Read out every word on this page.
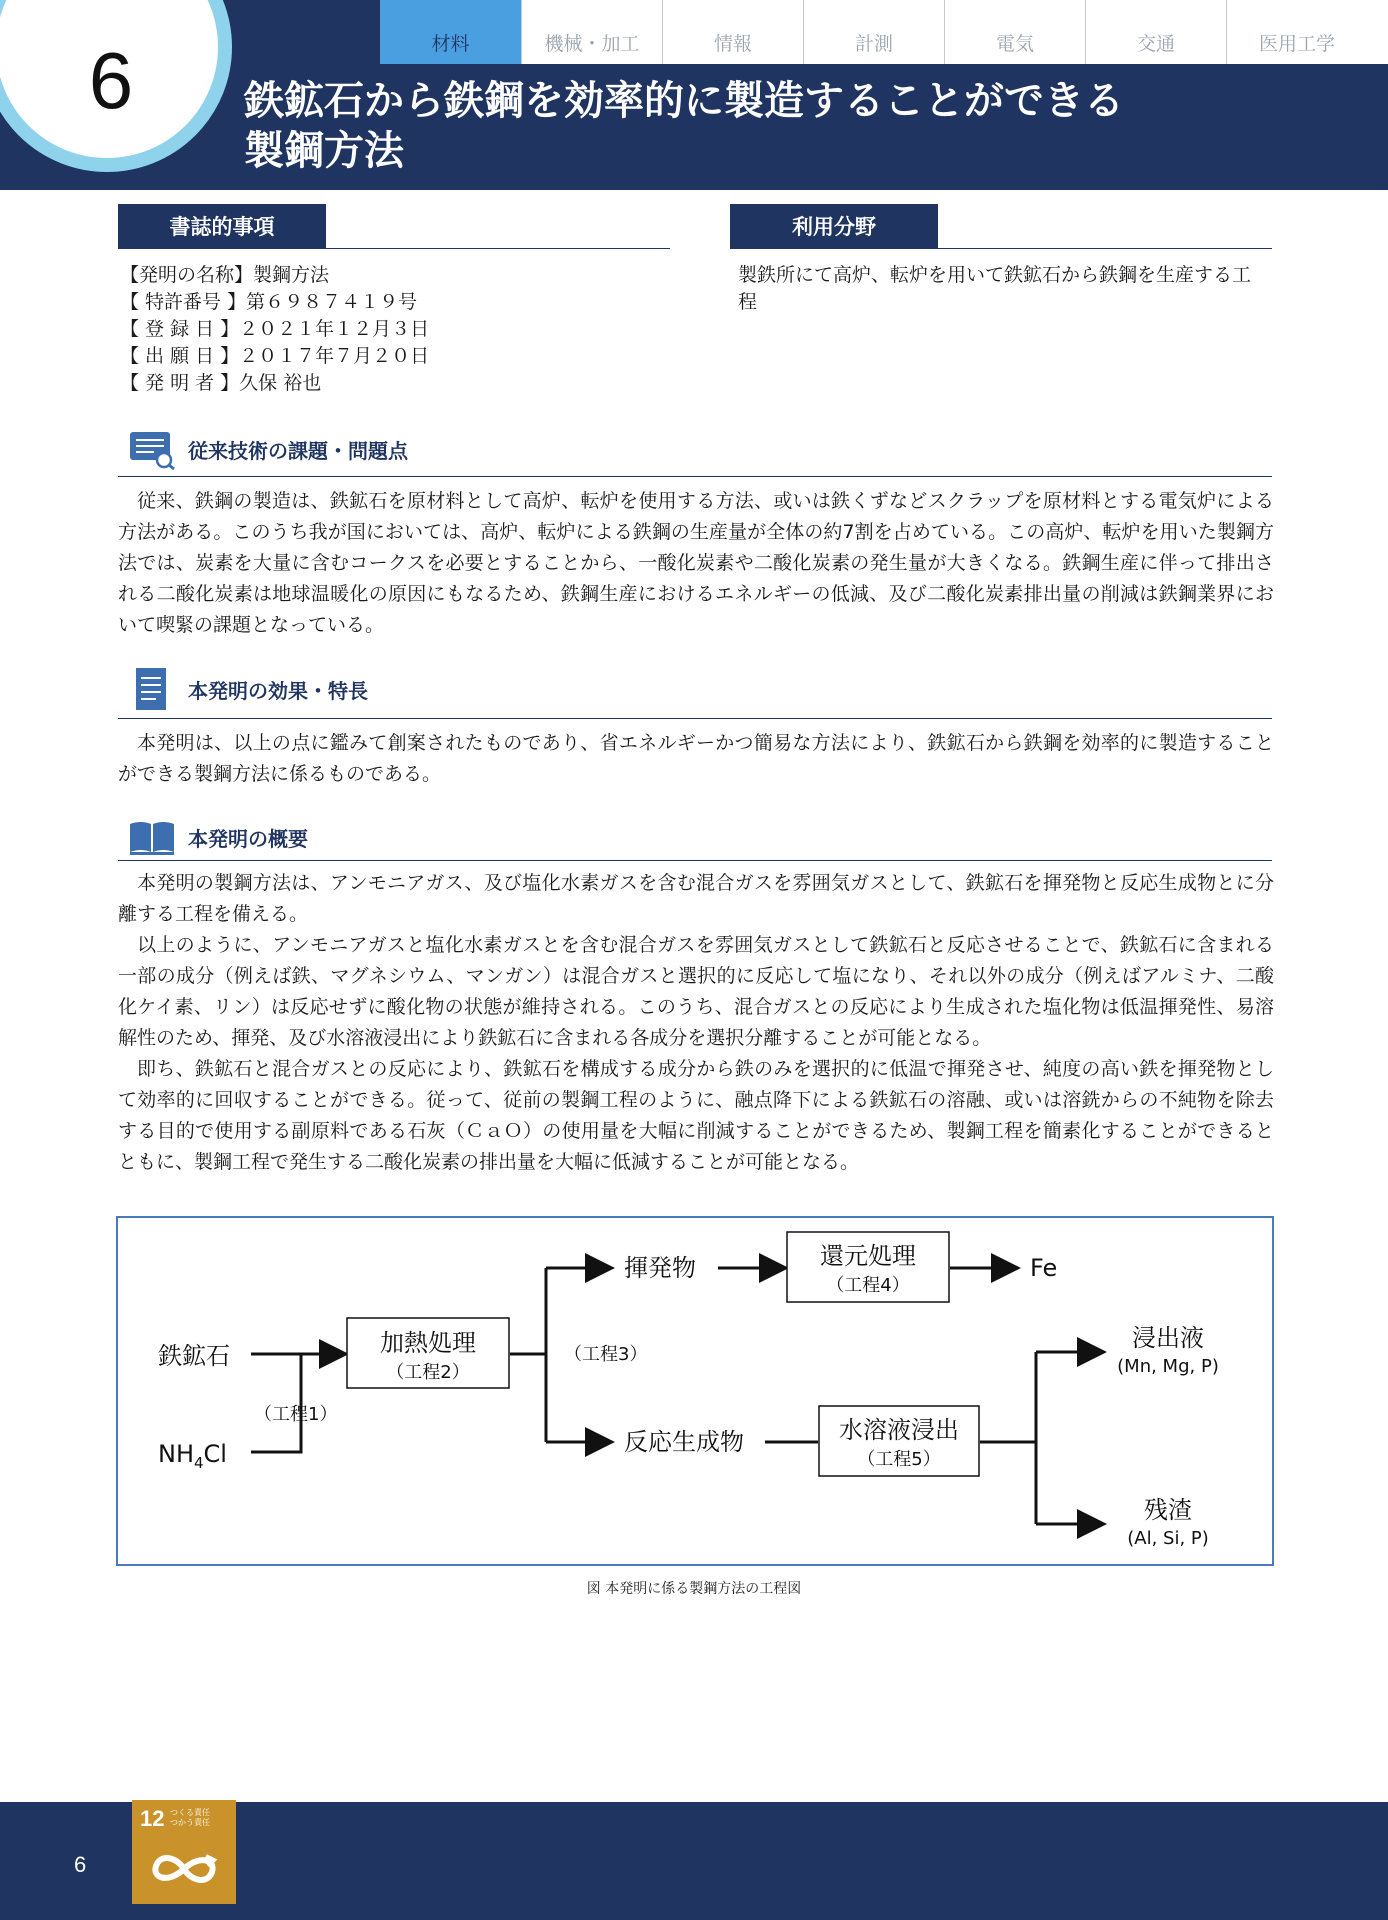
材料	機械・加工	情報	計測	電気	交通	医用工学
鉄鉱石から鉄鋼を効率的に製造することができる
製鋼方法
6
書誌的事項
【発明の名称】製鋼方法
【 特許番号 】第６９８７４１９号
【 登 録 日 】２０２１年１２月３日
【 出 願 日 】２０１７年７月２０日
【 発 明 者 】久保 裕也
利用分野
製鉄所にて高炉、転炉を用いて鉄鉱石から鉄鋼を生産する工程
従来技術の課題・問題点

従来、鉄鋼の製造は、鉄鉱石を原材料として高炉、転炉を使用する方法、或いは鉄くずなどスクラップを原材料とする電気炉による方法がある。このうち我が国においては、高炉、転炉による鉄鋼の生産量が全体の約7割を占めている。この高炉、転炉を用いた製鋼方法では、炭素を大量に含むコークスを必要とすることから、一酸化炭素や二酸化炭素の発生量が大きくなる。鉄鋼生産に伴って排出される二酸化炭素は地球温暖化の原因にもなるため、鉄鋼生産におけるエネルギーの低減、及び二酸化炭素排出量の削減は鉄鋼業界において喫緊の課題となっている。

本発明の効果・特長

本発明は、以上の点に鑑みて創案されたものであり、省エネルギーかつ簡易な方法により、鉄鉱石から鉄鋼を効率的に製造することができる製鋼方法に係るものである。

本発明の概要

本発明の製鋼方法は、アンモニアガス、及び塩化水素ガスを含む混合ガスを雰囲気ガスとして、鉄鉱石を揮発物と反応生成物とに分離する工程を備える。

以上のように、アンモニアガスと塩化水素ガスとを含む混合ガスを雰囲気ガスとして鉄鉱石と反応させることで、鉄鉱石に含まれる一部の成分（例えば鉄、マグネシウム、マンガン）は混合ガスと選択的に反応して塩になり、それ以外の成分（例えばアルミナ、二酸化ケイ素、リン）は反応せずに酸化物の状態が維持される。このうち、混合ガスとの反応により生成された塩化物は低温揮発性、易溶解性のため、揮発、及び水溶液浸出により鉄鉱石に含まれる各成分を選択分離することが可能となる。

即ち、鉄鉱石と混合ガスとの反応により、鉄鉱石を構成する成分から鉄のみを選択的に低温で揮発させ、純度の高い鉄を揮発物として効率的に回収することができる。従って、従前の製鋼工程のように、融点降下による鉄鉱石の溶融、或いは溶銑からの不純物を除去する目的で使用する副原料である石灰（ＣａＯ）の使用量を大幅に削減することができるため、製鋼工程を簡素化することができるとともに、製鋼工程で発生する二酸化炭素の排出量を大幅に低減することが可能となる。

鉄鉱石
$NH_4Cl$
（工程1）
加熱処理
（工程2）
（工程3）
揮発物	還元処理
（工程4）
Fe
反応生成物	水溶液浸出
（工程5）
浸出液
(Mn, Mg, P)
残渣
(Al, Si, P)
図 本発明に係る製鋼方法の工程図
6
12 つくる責任
つかう責任
